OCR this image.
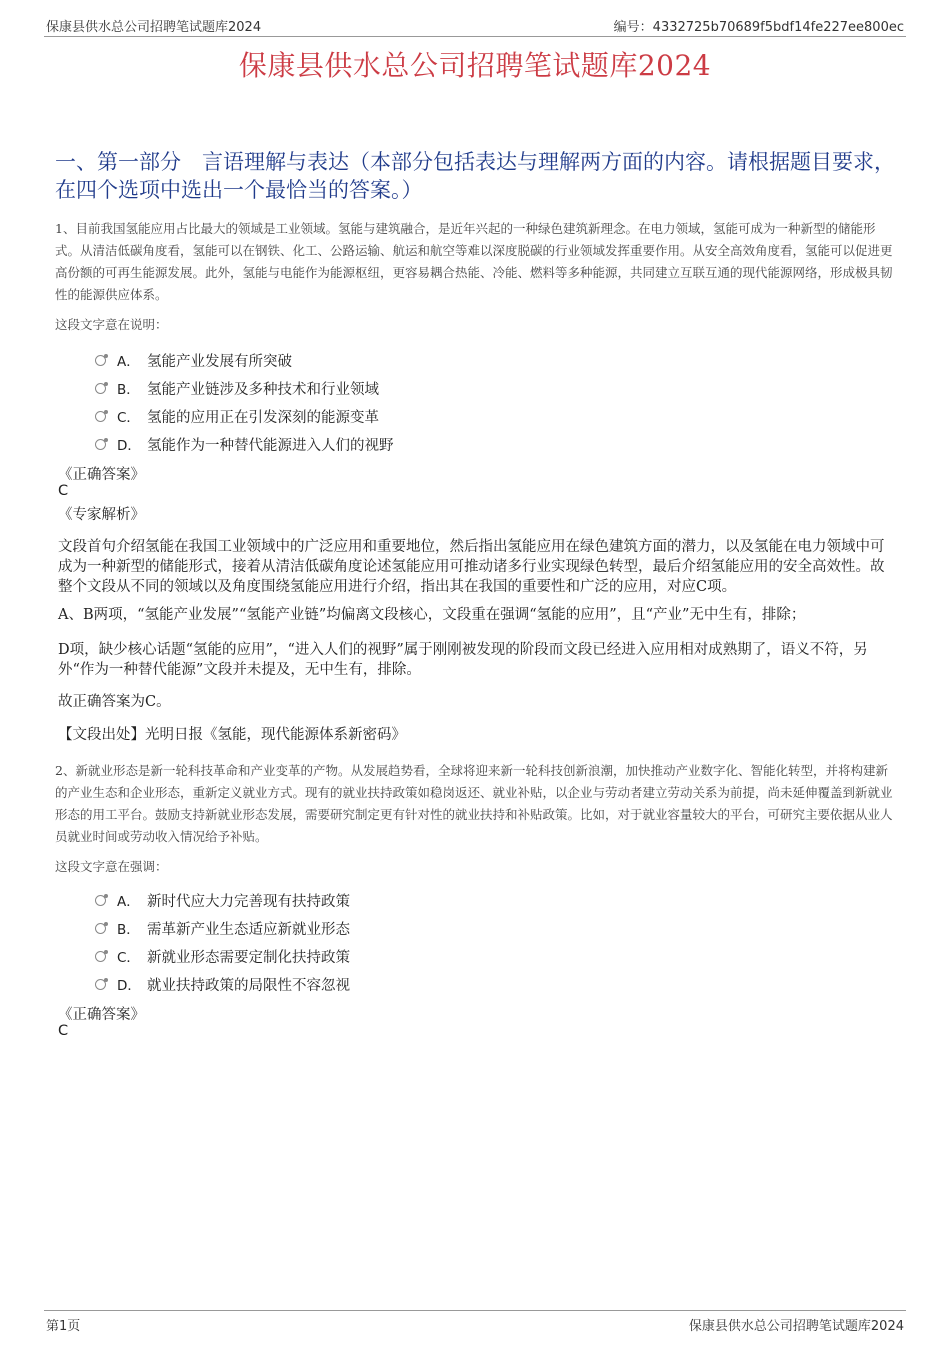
保康县供水总公司招聘笔试题库2024	编号：4332725b70689f5bdf14fe227ee800ec
保康县供水总公司招聘笔试题库2024
一、第一部分　言语理解与表达（本部分包括表达与理解两方面的内容。请根据题目要求，在四个选项中选出一个最恰当的答案。）
1、目前我国氢能应用占比最大的领域是工业领域。氢能与建筑融合，是近年兴起的一种绿色建筑新理念。在电力领域，氢能可成为一种新型的储能形式。从清洁低碳角度看，氢能可以在钢铁、化工、公路运输、航运和航空等难以深度脱碳的行业领域发挥重要作用。从安全高效角度看，氢能可以促进更高份额的可再生能源发展。此外，氢能与电能作为能源枢纽，更容易耦合热能、冷能、燃料等多种能源，共同建立互联互通的现代能源网络，形成极具韧性的能源供应体系。
这段文字意在说明：
A． 氢能产业发展有所突破
B． 氢能产业链涉及多种技术和行业领域
C． 氢能的应用正在引发深刻的能源变革
D． 氢能作为一种替代能源进入人们的视野
《正确答案》
C
《专家解析》
文段首句介绍氢能在我国工业领域中的广泛应用和重要地位，然后指出氢能应用在绿色建筑方面的潜力，以及氢能在电力领域中可成为一种新型的储能形式，接着从清洁低碳角度论述氢能应用可推动诸多行业实现绿色转型，最后介绍氢能应用的安全高效性。故整个文段从不同的领域以及角度围绕氢能应用进行介绍，指出其在我国的重要性和广泛的应用，对应C项。
A、B两项，“氢能产业发展”“氢能产业链”均偏离文段核心，文段重在强调“氢能的应用”，且“产业”无中生有，排除；
D项，缺少核心话题“氢能的应用”，“进入人们的视野”属于刚刚被发现的阶段而文段已经进入应用相对成熟期了，语义不符，另外“作为一种替代能源”文段并未提及，无中生有，排除。
故正确答案为C。
【文段出处】光明日报《氢能，现代能源体系新密码》
2、新就业形态是新一轮科技革命和产业变革的产物。从发展趋势看，全球将迎来新一轮科技创新浪潮，加快推动产业数字化、智能化转型，并将构建新的产业生态和企业形态，重新定义就业方式。现有的就业扶持政策如稳岗返还、就业补贴，以企业与劳动者建立劳动关系为前提，尚未延伸覆盖到新就业形态的用工平台。鼓励支持新就业形态发展，需要研究制定更有针对性的就业扶持和补贴政策。比如，对于就业容量较大的平台，可研究主要依据从业人员就业时间或劳动收入情况给予补贴。
这段文字意在强调：
A． 新时代应大力完善现有扶持政策
B． 需革新产业生态适应新就业形态
C． 新就业形态需要定制化扶持政策
D． 就业扶持政策的局限性不容忽视
《正确答案》
C
第1页	保康县供水总公司招聘笔试题库2024
